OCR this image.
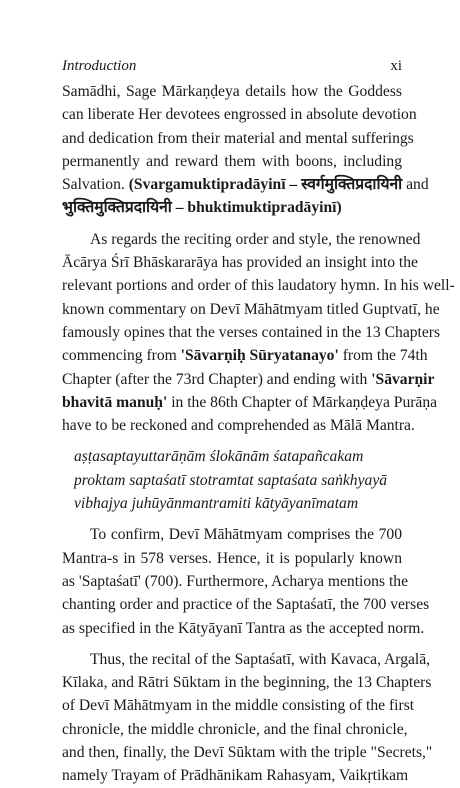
Introduction	xi
Samādhi, Sage Mārkaṇḍeya details how the Goddess
can liberate Her devotees engrossed in absolute devotion
and dedication from their material and mental sufferings
permanently and reward them with boons, including
Salvation. (Svargamuktipradāyinī – स्वर्गमुक्तिप्रदायिनी and
भुक्तिमुक्तिप्रदायिनी – bhuktimuktipradāyinī)
As regards the reciting order and style, the renowned
Ācārya Śrī Bhāskararāya has provided an insight into the
relevant portions and order of this laudatory hymn. In his well-
known commentary on Devī Māhātmyam titled Guptvatī, he
famously opines that the verses contained in the 13 Chapters
commencing from 'Sāvarṇiḥ Sūryatanayo' from the 74th
Chapter (after the 73rd Chapter) and ending with 'Sāvarṇir
bhavitā manuḥ' in the 86th Chapter of Mārkaṇḍeya Purāṇa
have to be reckoned and comprehended as Mālā Mantra.
aṣṭasaptayuttarāṇām ślokānām śatapañcakam
proktam saptaśatī stotramtat saptaśata saṅkhyayā
vibhajya juhūyānmantramiti kātyāyanīmatam
To confirm, Devī Māhātmyam comprises the 700
Mantra-s in 578 verses. Hence, it is popularly known
as 'Saptaśatī' (700). Furthermore, Acharya mentions the
chanting order and practice of the Saptaśatī, the 700 verses
as specified in the Kātyāyanī Tantra as the accepted norm.
Thus, the recital of the Saptaśatī, with Kavaca, Argalā,
Kīlaka, and Rātri Sūktam in the beginning, the 13 Chapters
of Devī Māhātmyam in the middle consisting of the first
chronicle, the middle chronicle, and the final chronicle,
and then, finally, the Devī Sūktam with the triple "Secrets,"
namely Trayam of Prādhānikam Rahasyam, Vaikṛtikam
